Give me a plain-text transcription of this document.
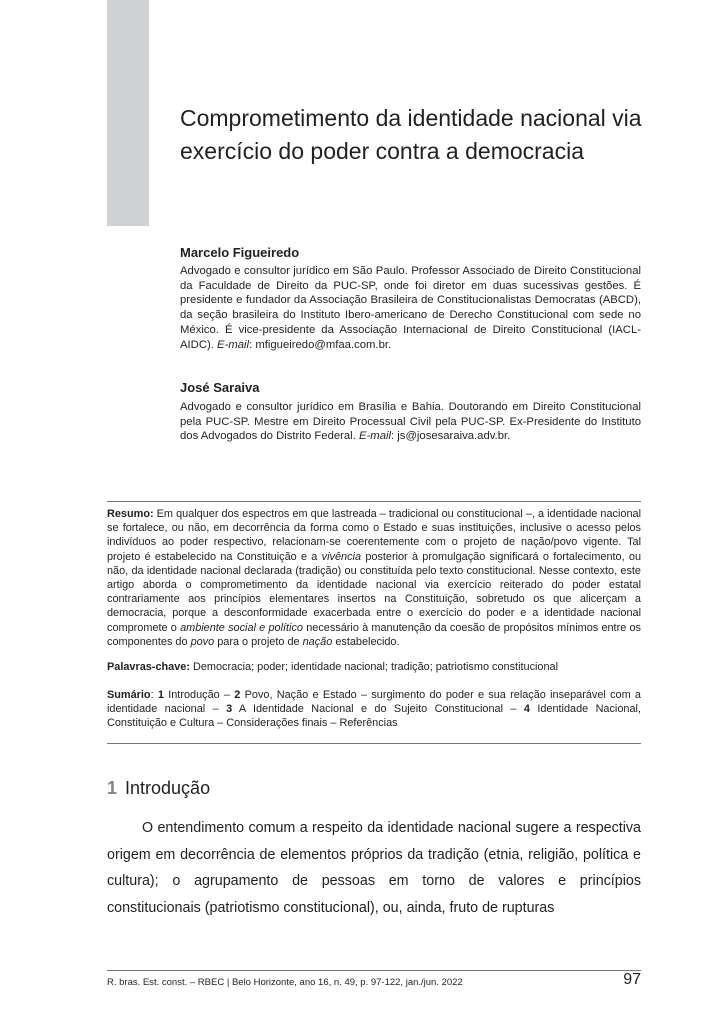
Comprometimento da identidade nacional via exercício do poder contra a democracia

Marcelo Figueiredo

Advogado e consultor jurídico em São Paulo. Professor Associado de Direito Constitucional da Faculdade de Direito da PUC-SP, onde foi diretor em duas sucessivas gestões. É presidente e fundador da Associação Brasileira de Constitucionalistas Democratas (ABCD), da seção brasileira do Instituto Ibero-americano de Derecho Constitucional com sede no México. É vice-presidente da Associação Internacional de Direito Constitucional (IACL-AIDC). E-mail: mfigueiredo@mfaa.com.br.

José Saraiva

Advogado e consultor jurídico em Brasília e Bahia. Doutorando em Direito Constitucional pela PUC-SP. Mestre em Direito Processual Civil pela PUC-SP. Ex-Presidente do Instituto dos Advogados do Distrito Federal. E-mail: js@josesaraiva.adv.br.

Resumo: Em qualquer dos espectros em que lastreada – tradicional ou constitucional –, a identidade nacional se fortalece, ou não, em decorrência da forma como o Estado e suas instituições, inclusive o acesso pelos indivíduos ao poder respectivo, relacionam-se coerentemente com o projeto de nação/povo vigente. Tal projeto é estabelecido na Constituição e a vivência posterior à promulgação significará o fortalecimento, ou não, da identidade nacional declarada (tradição) ou constituída pelo texto constitucional. Nesse contexto, este artigo aborda o comprometimento da identidade nacional via exercício reiterado do poder estatal contrariamente aos princípios elementares insertos na Constituição, sobretudo os que alicerçam a democracia, porque a desconformidade exacerbada entre o exercício do poder e a identidade nacional compromete o ambiente social e político necessário à manutenção da coesão de propósitos mínimos entre os componentes do povo para o projeto de nação estabelecido.

Palavras-chave: Democracia; poder; identidade nacional; tradição; patriotismo constitucional

Sumário: 1 Introdução – 2 Povo, Nação e Estado – surgimento do poder e sua relação inseparável com a identidade nacional – 3 A Identidade Nacional e do Sujeito Constitucional – 4 Identidade Nacional, Constituição e Cultura – Considerações finais – Referências

1 Introdução

O entendimento comum a respeito da identidade nacional sugere a respectiva origem em decorrência de elementos próprios da tradição (etnia, religião, política e cultura); o agrupamento de pessoas em torno de valores e princípios constitucionais (patriotismo constitucional), ou, ainda, fruto de rupturas

R. bras. Est. const. – RBEC | Belo Horizonte, ano 16, n. 49, p. 97-122, jan./jun. 2022	97
